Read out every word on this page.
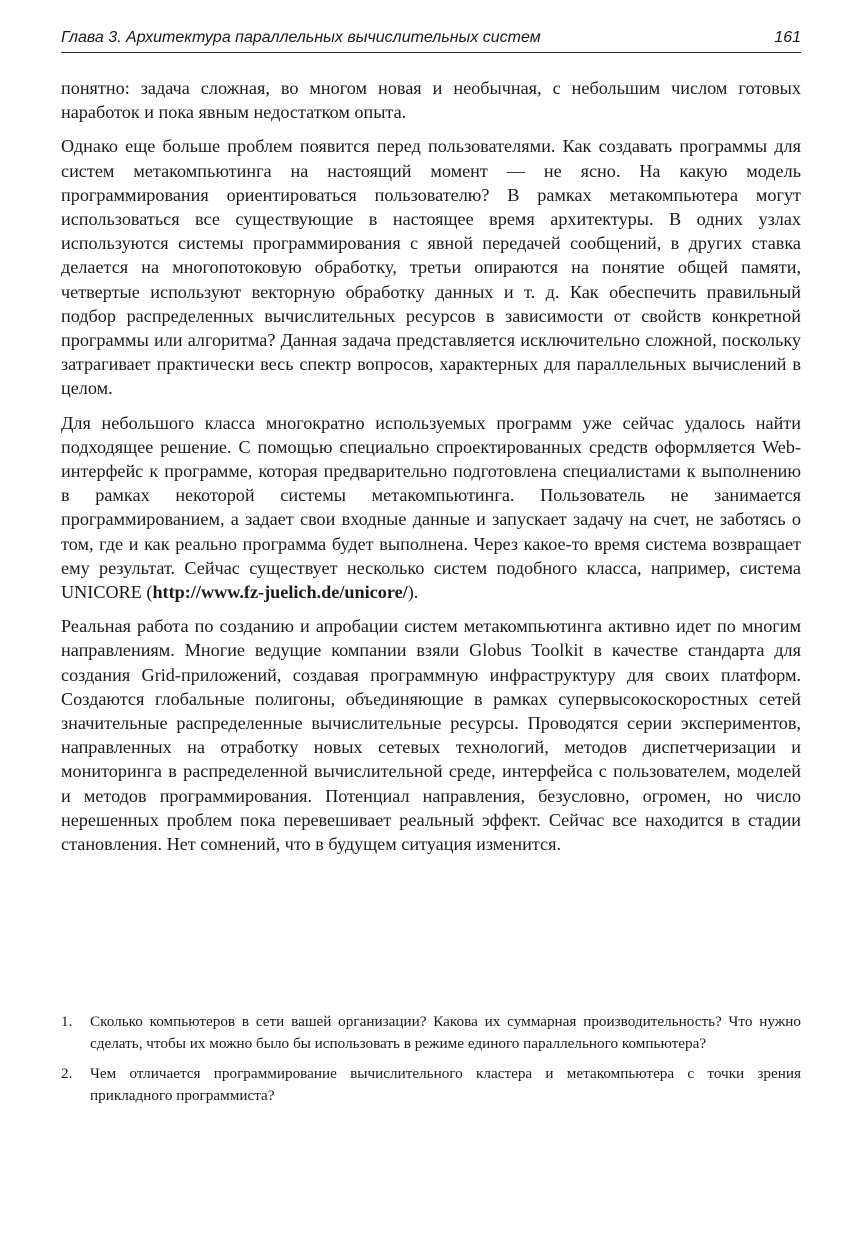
Глава 3. Архитектура параллельных вычислительных систем	161

понятно: задача сложная, во многом новая и необычная, с небольшим числом готовых наработок и пока явным недостатком опыта.

Однако еще больше проблем появится перед пользователями. Как создавать программы для систем метакомпьютинга на настоящий момент — не ясно. На какую модель программирования ориентироваться пользователю? В рамках метакомпьютера могут использоваться все существующие в настоящее время архитектуры. В одних узлах используются системы программирования с явной передачей сообщений, в других ставка делается на многопотоковую обработку, третьи опираются на понятие общей памяти, четвертые используют векторную обработку данных и т. д. Как обеспечить правильный подбор распределенных вычислительных ресурсов в зависимости от свойств конкретной программы или алгоритма? Данная задача представляется исключительно сложной, поскольку затрагивает практически весь спектр вопросов, характерных для параллельных вычислений в целом.

Для небольшого класса многократно используемых программ уже сейчас удалось найти подходящее решение. С помощью специально спроектированных средств оформляется Web-интерфейс к программе, которая предварительно подготовлена специалистами к выполнению в рамках некоторой системы метакомпьютинга. Пользователь не занимается программированием, а задает свои входные данные и запускает задачу на счет, не заботясь о том, где и как реально программа будет выполнена. Через какое-то время система возвращает ему результат. Сейчас существует несколько систем подобного класса, например, система UNICORE (http://www.fz-juelich.de/unicore/).

Реальная работа по созданию и апробации систем метакомпьютинга активно идет по многим направлениям. Многие ведущие компании взяли Globus Toolkit в качестве стандарта для создания Grid-приложений, создавая программную инфраструктуру для своих платформ. Создаются глобальные полигоны, объединяющие в рамках супервысокоскоростных сетей значительные распределенные вычислительные ресурсы. Проводятся серии экспериментов, направленных на отработку новых сетевых технологий, методов диспетчеризации и мониторинга в распределенной вычислительной среде, интерфейса с пользователем, моделей и методов программирования. Потенциал направления, безусловно, огромен, но число нерешенных проблем пока перевешивает реальный эффект. Сейчас все находится в стадии становления. Нет сомнений, что в будущем ситуация изменится.

1.	Сколько компьютеров в сети вашей организации? Какова их суммарная производительность? Что нужно сделать, чтобы их можно было бы использовать в режиме единого параллельного компьютера?
2.	Чем отличается программирование вычислительного кластера и метакомпьютера с точки зрения прикладного программиста?
